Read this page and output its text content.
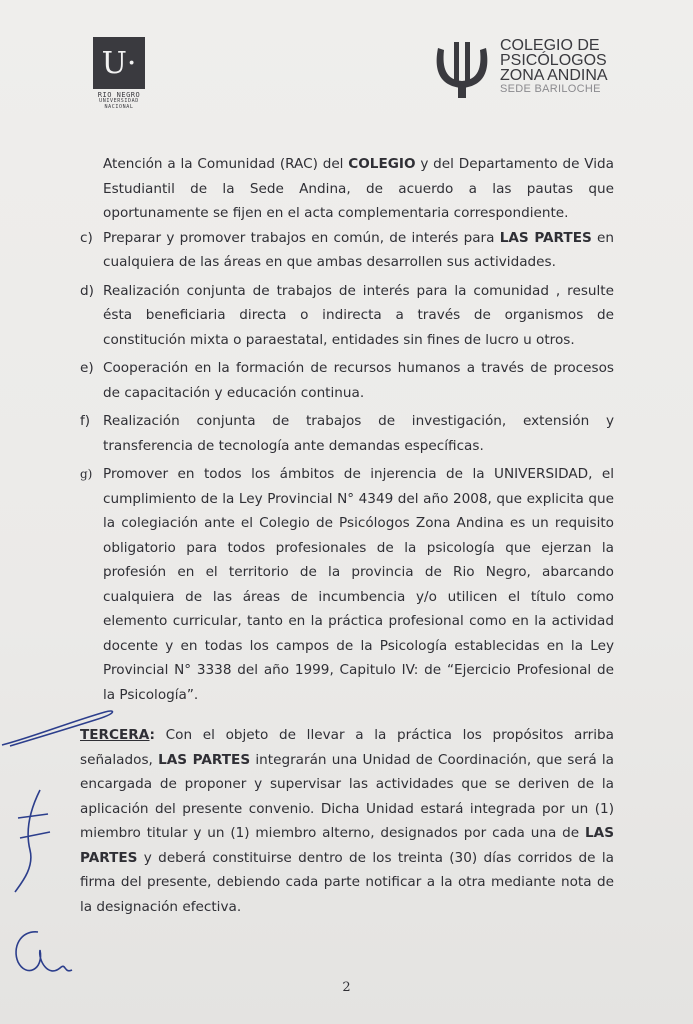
U·
RIO NEGRO
UNIVERSIDAD
NACIONAL
COLEGIO DE
PSICÓLOGOS
ZONA ANDINA
SEDE BARILOCHE

Atención a la Comunidad (RAC) del COLEGIO y del Departamento de Vida Estudiantil de la Sede Andina, de acuerdo a las pautas que oportunamente se fijen en el acta complementaria correspondiente.

c) Preparar y promover trabajos en común, de interés para LAS PARTES en cualquiera de las áreas en que ambas desarrollen sus actividades.
d) Realización conjunta de trabajos de interés para la comunidad , resulte ésta beneficiaria directa o indirecta a través de organismos de constitución mixta o paraestatal, entidades sin fines de lucro u otros.
e) Cooperación en la formación de recursos humanos a través de procesos de capacitación y educación continua.
f) Realización conjunta de trabajos de investigación, extensión y transferencia de tecnología ante demandas específicas.
g) Promover en todos los ámbitos de injerencia de la UNIVERSIDAD, el cumplimiento de la Ley Provincial N° 4349 del año 2008, que explicita que la colegiación ante el Colegio de Psicólogos Zona Andina es un requisito obligatorio para todos profesionales de la psicología que ejerzan la profesión en el territorio de la provincia de Rio Negro, abarcando cualquiera de las áreas de incumbencia y/o utilicen el título como elemento curricular, tanto en la práctica profesional como en la actividad docente y en todas los campos de la Psicología establecidas en la Ley Provincial N° 3338 del año 1999, Capitulo IV: de “Ejercicio Profesional de la Psicología”.

TERCERA: Con el objeto de llevar a la práctica los propósitos arriba señalados, LAS PARTES integrarán una Unidad de Coordinación, que será la encargada de proponer y supervisar las actividades que se deriven de la aplicación del presente convenio. Dicha Unidad estará integrada por un (1) miembro titular y un (1) miembro alterno, designados por cada una de LAS PARTES y deberá constituirse dentro de los treinta (30) días corridos de la firma del presente, debiendo cada parte notificar a la otra mediante nota de la designación efectiva.

2
